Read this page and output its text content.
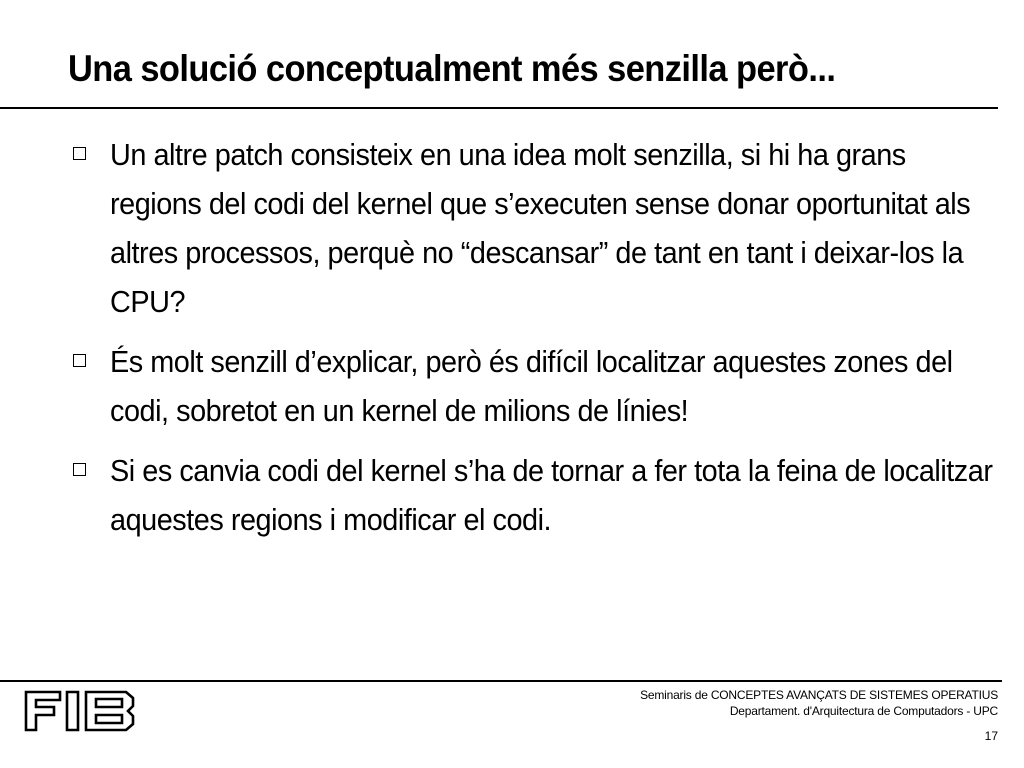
Una solució conceptualment més senzilla però...
Un altre patch consisteix en una idea molt senzilla, si hi ha grans regions del codi del kernel que s’executen sense donar oportunitat als altres processos, perquè no “descansar” de tant en tant i deixar-los la CPU?
És molt senzill d’explicar, però és difícil localitzar aquestes zones del codi, sobretot en un kernel de milions de línies!
Si es canvia codi del kernel s’ha de tornar a fer tota la feina de localitzar aquestes regions i modificar el codi.
Seminaris de CONCEPTES AVANÇATS DE SISTEMES OPERATIUS
Departament. d'Arquitectura de Computadors - UPC
17
